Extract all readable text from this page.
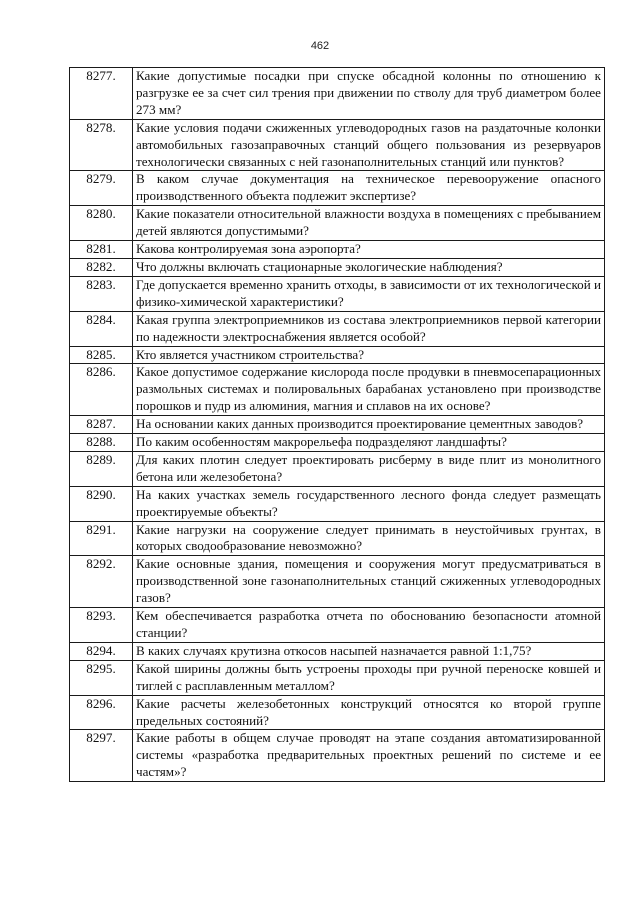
462
8277.	Какие допустимые посадки при спуске обсадной колонны по отношению к разгрузке ее за счет сил трения при движении по стволу для труб диаметром более 273 мм?
8278.	Какие условия подачи сжиженных углеводородных газов на раздаточные колонки автомобильных газозаправочных станций общего пользования из резервуаров технологически связанных с ней газонаполнительных станций или пунктов?
8279.	В каком случае документация на техническое перевооружение опасного производственного объекта подлежит экспертизе?
8280.	Какие показатели относительной влажности воздуха в помещениях с пребыванием детей являются допустимыми?
8281.	Какова контролируемая зона аэропорта?
8282.	Что должны включать стационарные экологические наблюдения?
8283.	Где допускается временно хранить отходы, в зависимости от их технологической и физико-химической характеристики?
8284.	Какая группа электроприемников из состава электроприемников первой категории по надежности электроснабжения является особой?
8285.	Кто является участником строительства?
8286.	Какое допустимое содержание кислорода после продувки в пневмосепарационных размольных системах и полировальных барабанах установлено при производстве порошков и пудр из алюминия, магния и сплавов на их основе?
8287.	На основании каких данных производится проектирование цементных заводов?
8288.	По каким особенностям макрорельефа подразделяют ландшафты?
8289.	Для каких плотин следует проектировать рисберму в виде плит из монолитного бетона или железобетона?
8290.	На каких участках земель государственного лесного фонда следует размещать проектируемые объекты?
8291.	Какие нагрузки на сооружение следует принимать в неустойчивых грунтах, в которых сводообразование невозможно?
8292.	Какие основные здания, помещения и сооружения могут предусматриваться в производственной зоне газонаполнительных станций сжиженных углеводородных газов?
8293.	Кем обеспечивается разработка отчета по обоснованию безопасности атомной станции?
8294.	В каких случаях крутизна откосов насыпей назначается равной 1:1,75?
8295.	Какой ширины должны быть устроены проходы при ручной переноске ковшей и тиглей с расплавленным металлом?
8296.	Какие расчеты железобетонных конструкций относятся ко второй группе предельных состояний?
8297.	Какие работы в общем случае проводят на этапе создания автоматизированной системы «разработка предварительных проектных решений по системе и ее частям»?
